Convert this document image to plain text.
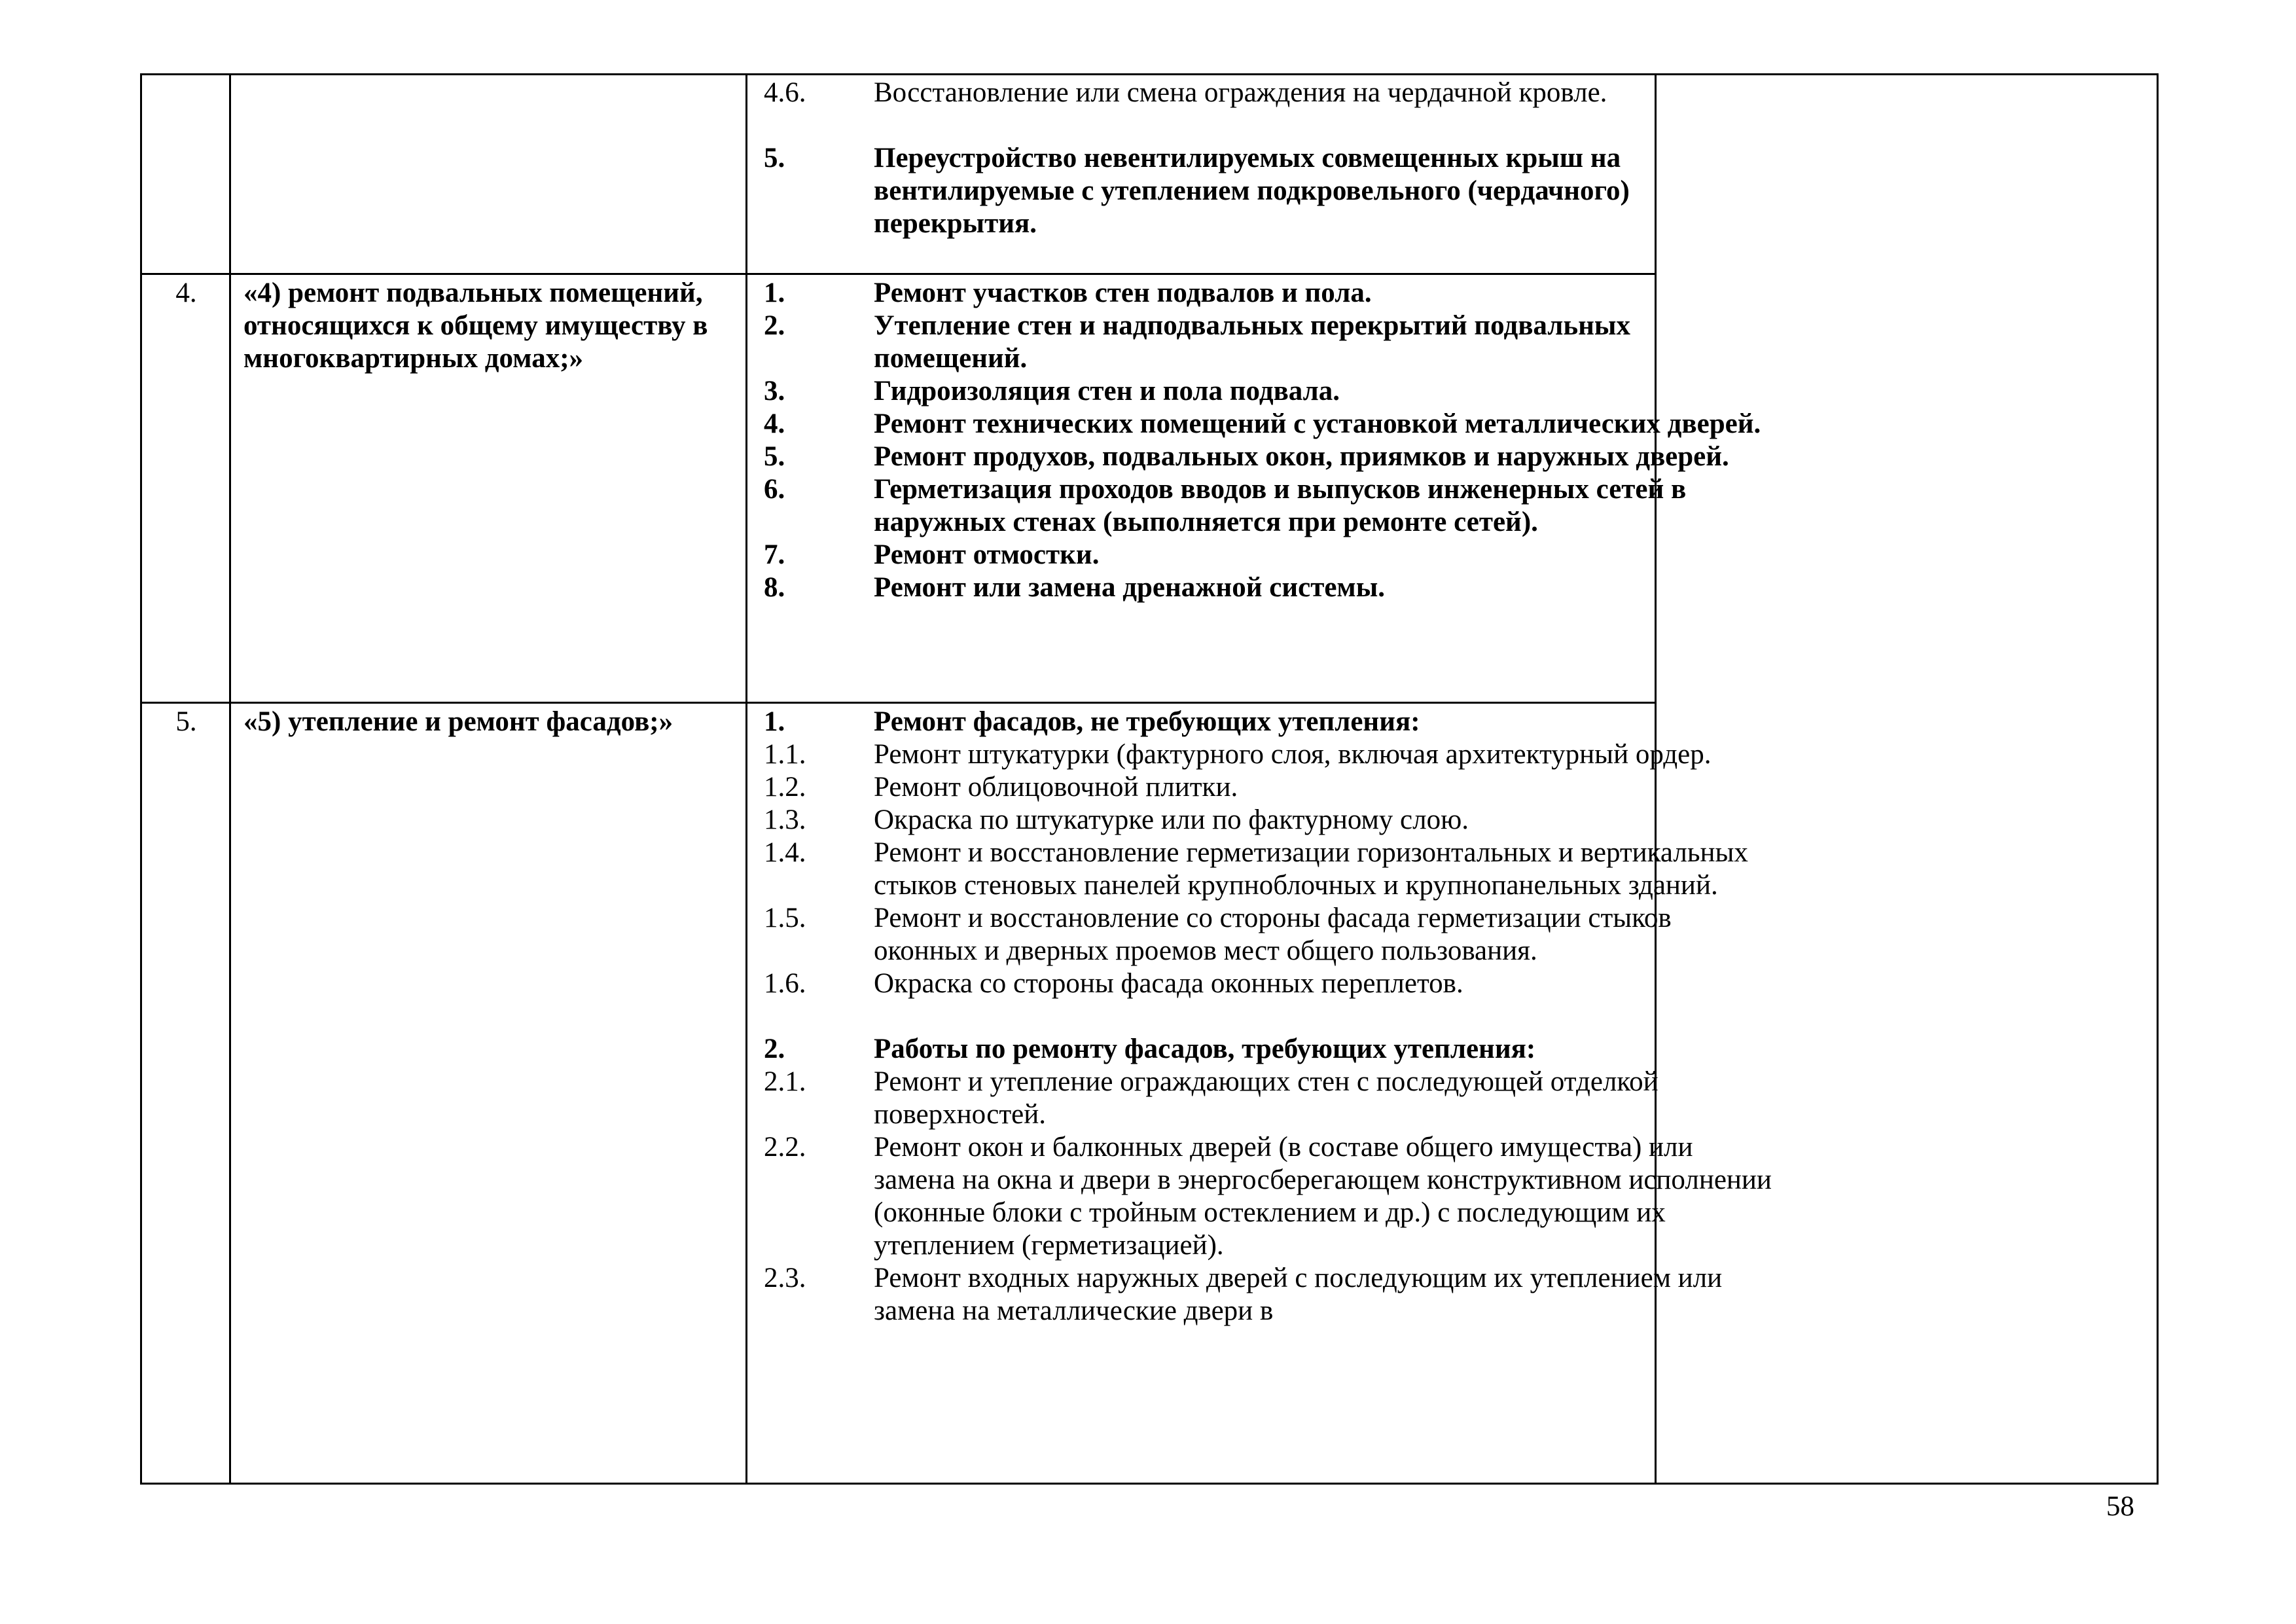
4.6. Восстановление или смена ограждения на чердачной кровле.
5.	Переустройство невентилируемых совмещенных крыш на вентилируемые с утеплением подкровельного (чердачного) перекрытия.
4.	«4) ремонт подвальных помещений, относящихся к общему имуществу в многоквартирных домах;»
1.	Ремонт участков стен подвалов и пола.
2.	Утепление стен и надподвальных перекрытий подвальных помещений.
3.	Гидроизоляция стен и пола подвала.
4.	Ремонт технических помещений с установкой металлических дверей.
5.	Ремонт продухов, подвальных окон, приямков и наружных дверей.
6.	Герметизация проходов вводов и выпусков инженерных сетей в наружных стенах (выполняется при ремонте сетей).
7.	Ремонт отмостки.
8.	Ремонт или замена дренажной системы.
5.	«5) утепление и ремонт фасадов;»	1.	Ремонт фасадов, не требующих утепления:
1.1. Ремонт штукатурки (фактурного слоя, включая архитектурный ордер.
1.2. Ремонт облицовочной плитки.
1.3. Окраска по штукатурке или по фактурному слою.
1.4. Ремонт и восстановление герметизации горизонтальных и вертикальных стыков стеновых панелей крупноблочных и крупнопанельных зданий.
1.5. Ремонт и восстановление со стороны фасада герметизации стыков оконных и дверных проемов мест общего пользования.
1.6. Окраска со стороны фасада оконных переплетов.
2.	Работы по ремонту фасадов, требующих утепления:
2.1. Ремонт и утепление ограждающих стен с последующей отделкой поверхностей.
2.2. Ремонт окон и балконных дверей (в составе общего имущества) или замена на окна и двери в энергосберегающем конструктивном исполнении (оконные блоки с тройным остеклением и др.) с последующим их утеплением (герметизацией).
2.3. Ремонт входных наружных дверей с последующим их утеплением или замена на металлические двери в
58
